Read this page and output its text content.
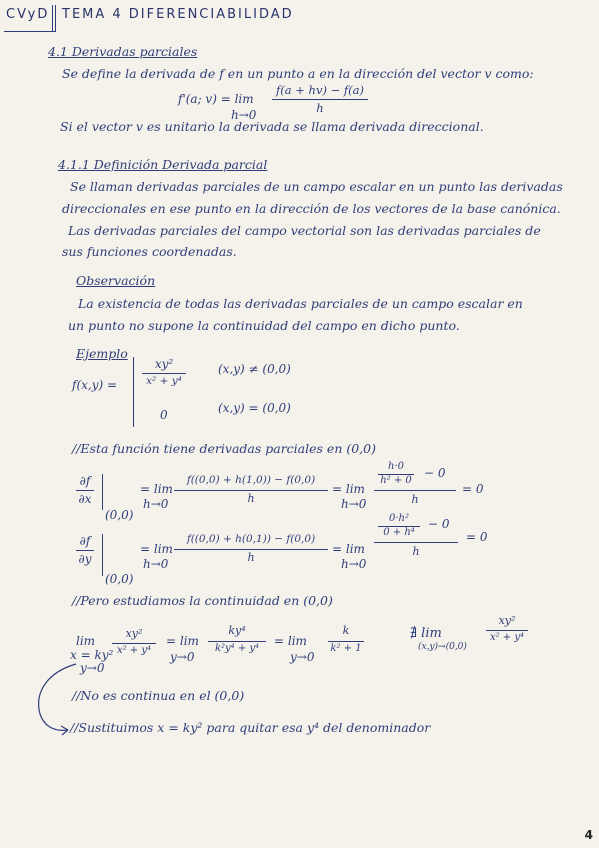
CVyD TEMA 4 DIFERENCIABILIDAD
4.1 Derivadas parciales
Se define la derivada de f en un punto a en la dirección del vector v como:
f'(a; v) = lim
h→0
f(a + hv) − f(a)
h
Si el vector v es unitario la derivada se llama derivada direccional.
4.1.1 Definición Derivada parcial
Se llaman derivadas parciales de un campo escalar en un punto las derivadas
direccionales en ese punto en la dirección de los vectores de la base canónica.
Las derivadas parciales del campo vectorial son las derivadas parciales de
sus funciones coordenadas.
Observación
La existencia de todas las derivadas parciales de un campo escalar en
un punto no supone la continuidad del campo en dicho punto.
Ejemplo
f(x,y) =
xy²
x² + y⁴
(x,y) ≠ (0,0)
0	(x,y) = (0,0)
//Esta función tiene derivadas parciales en (0,0)
∂f
∂x
(0,0)
= lim
h→0
f((0,0) + h(1,0)) − f(0,0)
h
= lim
h→0
h·0
h² + 0
− 0
h
= 0
∂f
∂y
(0,0)
= lim
h→0
f((0,0) + h(0,1)) − f(0,0)
h
= lim
h→0
0·h²
0 + h⁴
− 0
h
= 0
//Pero estudiamos la continuidad en (0,0)
lim
x = ky²
y→0
xy²
x² + y⁴
= lim
y→0
ky⁴
k²y⁴ + y⁴
= lim
y→0
k
k² + 1
∄ lim
(x,y)→(0,0)
xy²
x² + y⁴
//No es continua en el (0,0)
//Sustituimos x = ky² para quitar esa y⁴ del denominador
4
